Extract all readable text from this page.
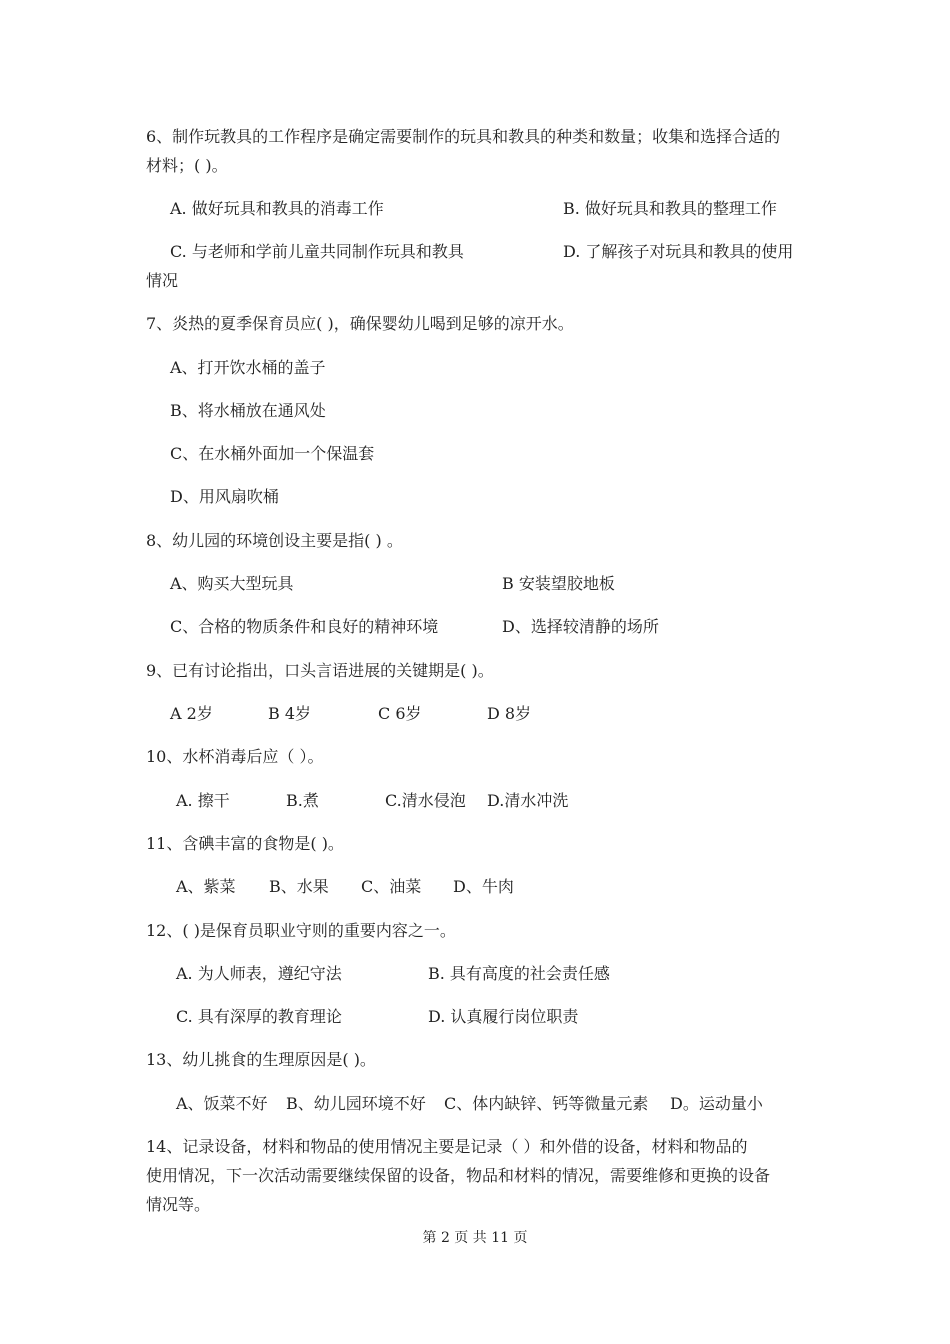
6、制作玩教具的工作程序是确定需要制作的玩具和教具的种类和数量；收集和选择合适的
材料；( )。
A. 做好玩具和教具的消毒工作	B. 做好玩具和教具的整理工作
C. 与老师和学前儿童共同制作玩具和教具	D. 了解孩子对玩具和教具的使用
情况
7、炎热的夏季保育员应( )，确保婴幼儿喝到足够的凉开水。
A、打开饮水桶的盖子
B、将水桶放在通风处
C、在水桶外面加一个保温套
D、用风扇吹桶
8、幼儿园的环境创设主要是指( ) 。
A、购买大型玩具	B 安装望胶地板
C、合格的物质条件和良好的精神环境	D、选择较清静的场所
9、已有讨论指出，口头言语进展的关键期是( )。
A 2岁	B 4岁	C 6岁	D 8岁
10、水杯消毒后应（ ）。
A. 擦干	B.煮	C.清水侵泡 D.清水冲洗
11、含碘丰富的食物是( )。
A、紫菜 B、水果 C、油菜 D、牛肉
12、( )是保育员职业守则的重要内容之一。
A. 为人师表，遵纪守法	B. 具有高度的社会责任感
C. 具有深厚的教育理论	D. 认真履行岗位职责
13、幼儿挑食的生理原因是( )。
A、饭菜不好 B、幼儿园环境不好 C、体内缺锌、钙等微量元素 D。运动量小
14、记录设备，材料和物品的使用情况主要是记录（ ）和外借的设备，材料和物品的
使用情况，下一次活动需要继续保留的设备，物品和材料的情况，需要维修和更换的设备
情况等。
第 2 页 共 11 页
